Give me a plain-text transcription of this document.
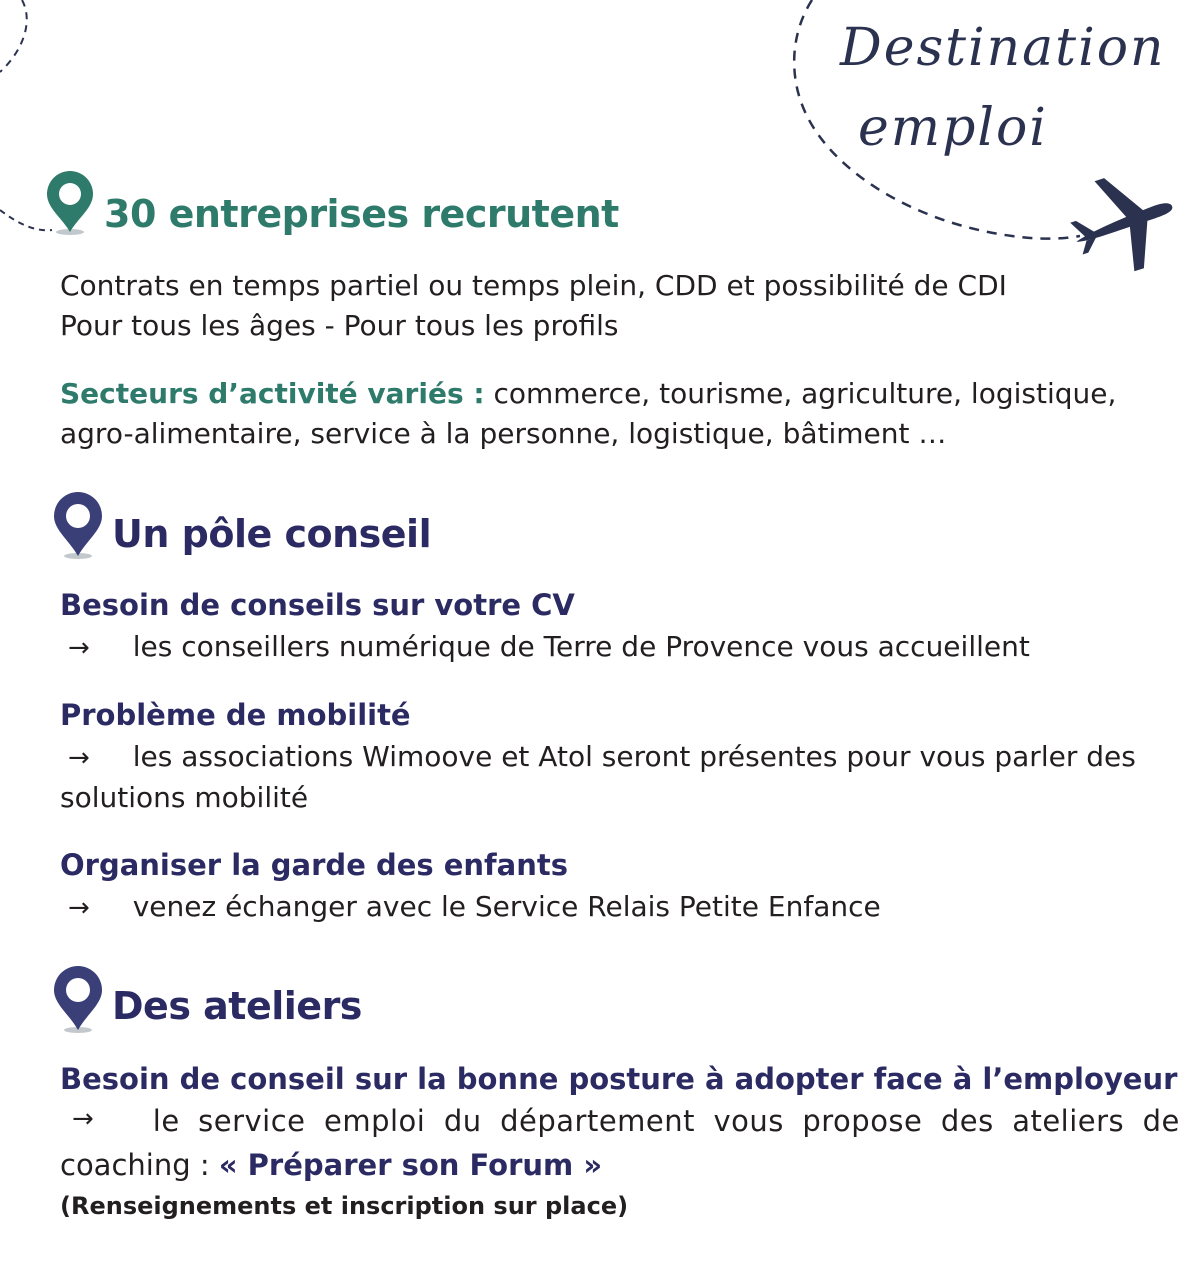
Destination
emploi
30 entreprises recrutent
Contrats en temps partiel ou temps plein, CDD et possibilité de CDI
Pour tous les âges - Pour tous les profils
Secteurs d’activité variés : commerce, tourisme, agriculture, logistique,
agro-alimentaire, service à la personne, logistique, bâtiment …
Un pôle conseil
Besoin de conseils sur votre CV
→ les conseillers numérique de Terre de Provence vous accueillent
Problème de mobilité
→ les associations Wimoove et Atol seront présentes pour vous parler des
solutions mobilité
Organiser la garde des enfants
→ venez échanger avec le Service Relais Petite Enfance
Des ateliers
Besoin de conseil sur la bonne posture à adopter face à l’employeur
→ le service emploi du département vous propose des ateliers de
coaching : « Préparer son Forum »
(Renseignements et inscription sur place)
